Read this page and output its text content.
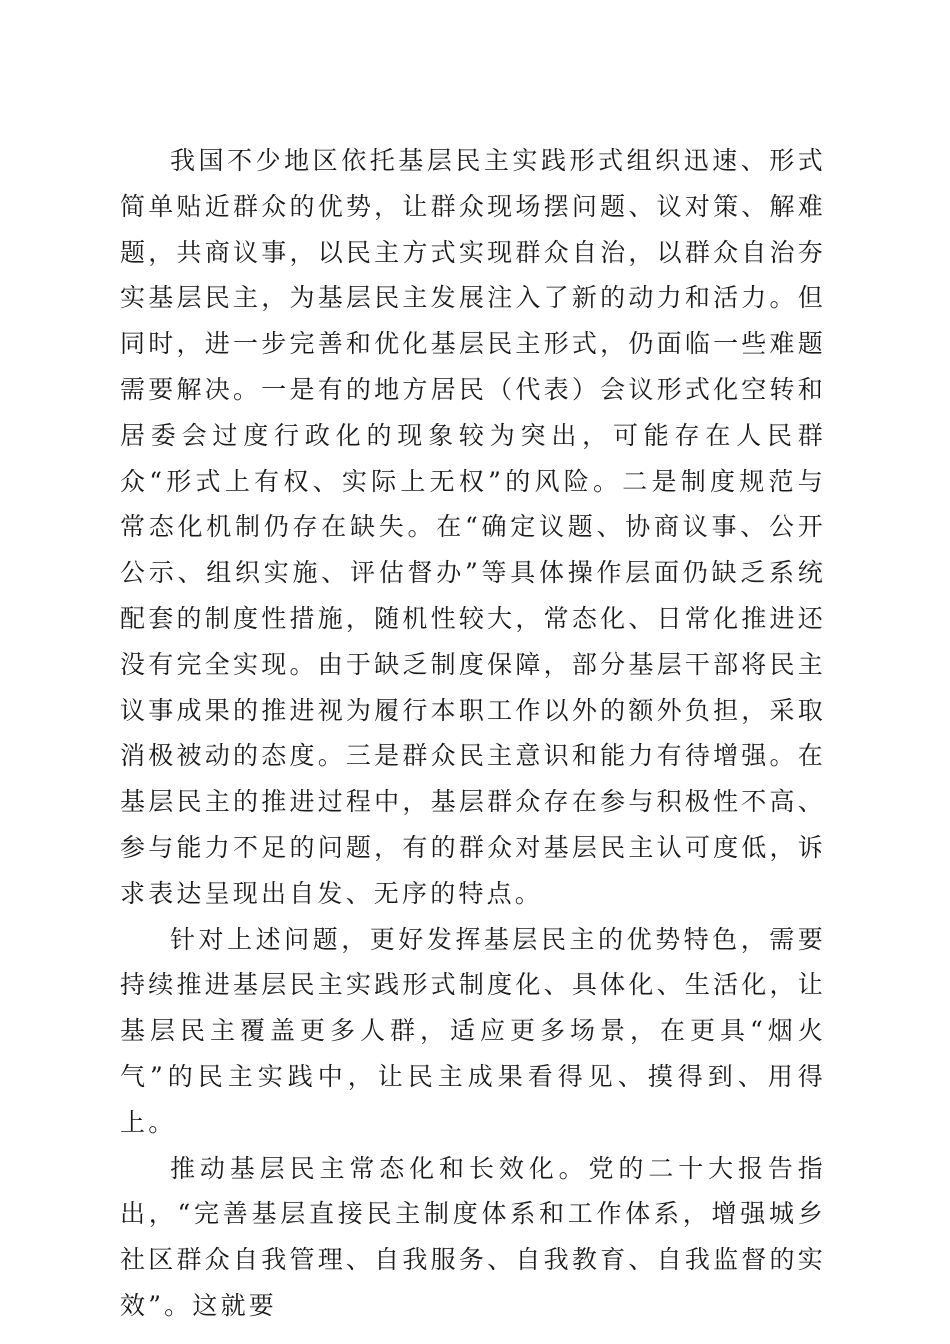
我国不少地区依托基层民主实践形式组织迅速、形式简单贴近群众的优势，让群众现场摆问题、议对策、解难题，共商议事，以民主方式实现群众自治，以群众自治夯实基层民主，为基层民主发展注入了新的动力和活力。但同时，进一步完善和优化基层民主形式，仍面临一些难题需要解决。一是有的地方居民（代表）会议形式化空转和居委会过度行政化的现象较为突出，可能存在人民群众“形式上有权、实际上无权”的风险。二是制度规范与常态化机制仍存在缺失。在“确定议题、协商议事、公开公示、组织实施、评估督办”等具体操作层面仍缺乏系统配套的制度性措施，随机性较大，常态化、日常化推进还没有完全实现。由于缺乏制度保障，部分基层干部将民主议事成果的推进视为履行本职工作以外的额外负担，采取消极被动的态度。三是群众民主意识和能力有待增强。在基层民主的推进过程中，基层群众存在参与积极性不高、参与能力不足的问题，有的群众对基层民主认可度低，诉求表达呈现出自发、无序的特点。

针对上述问题，更好发挥基层民主的优势特色，需要持续推进基层民主实践形式制度化、具体化、生活化，让基层民主覆盖更多人群，适应更多场景，在更具“烟火气”的民主实践中，让民主成果看得见、摸得到、用得上。

推动基层民主常态化和长效化。党的二十大报告指出，“完善基层直接民主制度体系和工作体系，增强城乡社区群众自我管理、自我服务、自我教育、自我监督的实效”。这就要
